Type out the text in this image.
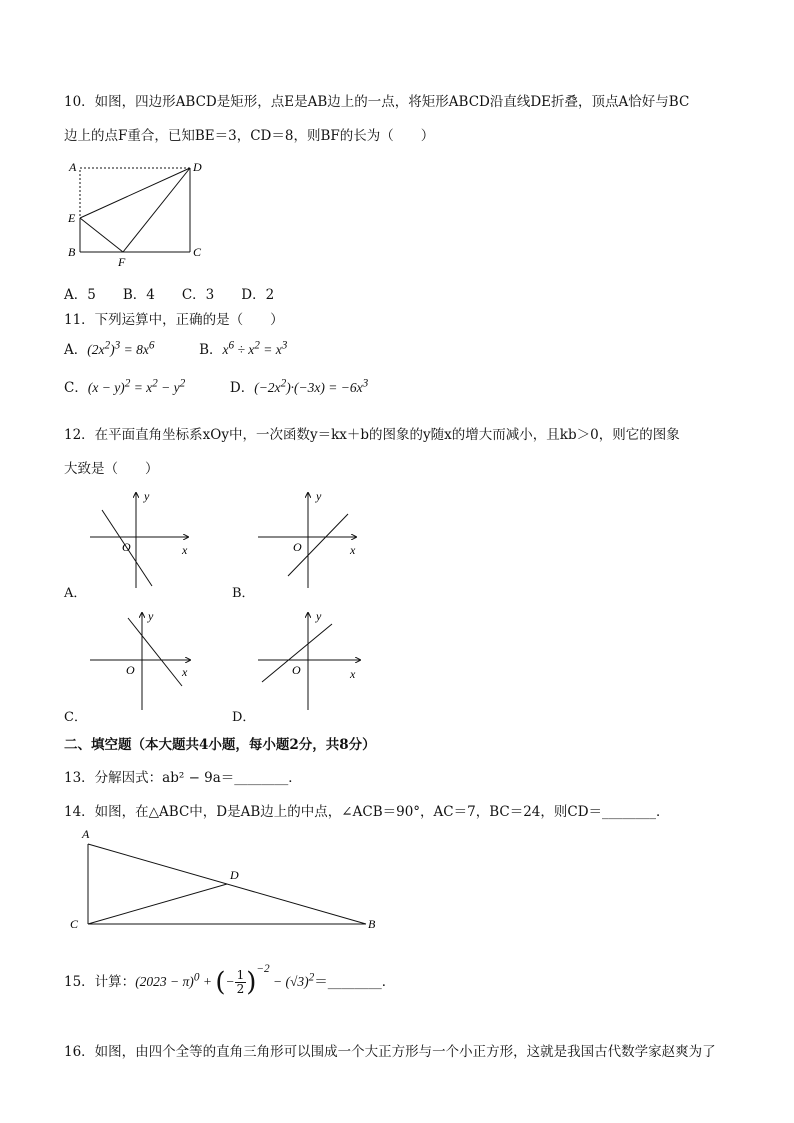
10．如图，四边形ABCD是矩形，点E是AB边上的一点，将矩形ABCD沿直线DE折叠，顶点A恰好与BC
边上的点F重合，已知BE＝3，CD＝8，则BF的长为（　　）
A	D
E
B
F
C
A．5　　B．4　　C．3　　D．2
11．下列运算中，正确的是（　　）
A．$(2x^2)^3 = 8x^6$	B．$x^6 \div x^2 = x^3$
C．$(x - y)^2 = x^2 - y^2$	D．$(-2x^2)\cdot(-3x) = -6x^3$
12．在平面直角坐标系xOy中，一次函数y＝kx＋b的图象的y随x的增大而减小，且kb＞0，则它的图象
大致是（　　）
x
y
O
A．
x
y
O
B．
x
y
O
C．
x
y
O
D．
二、填空题（本大题共4小题，每小题2分，共8分）
13．分解因式：ab² − 9a＝________．
14．如图，在△ABC中，D是AB边上的中点，∠ACB＝90°，AC＝7，BC＝24，则CD＝________．
A
D
C	B
15．计算：$(2023 - \pi)^0$ + (− $\frac{1}{2} )^{-2}$ − $(√3)^2=\_\_\_\_\_\_\_\_$．
16．如图，由四个全等的直角三角形可以围成一个大正方形与一个小正方形，这就是我国古代数学家赵爽为了
